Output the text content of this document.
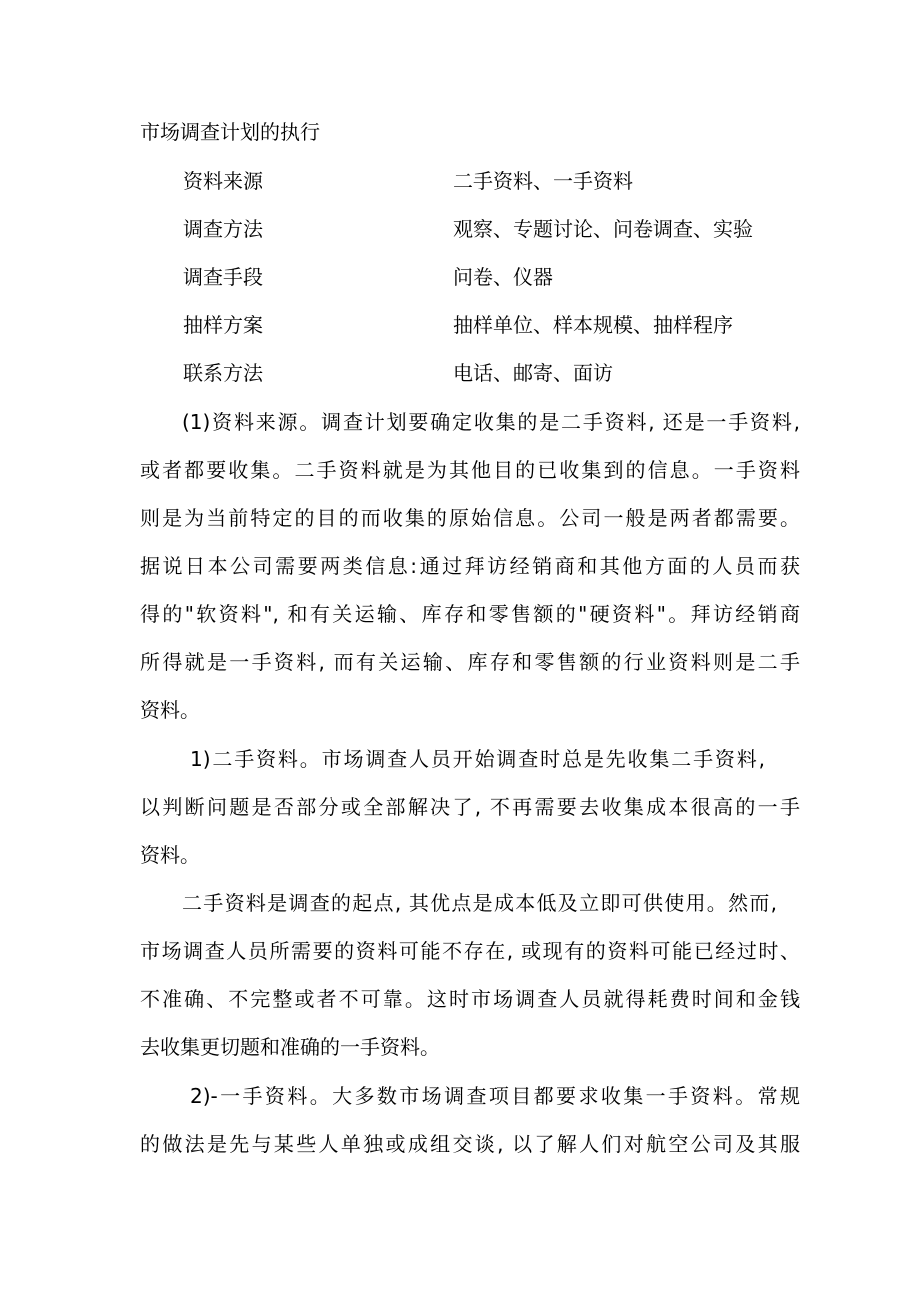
市场调查计划的执行
资料来源	二手资料、一手资料
调查方法	观察、专题讨论、问卷调查、实验
调查手段	问卷、仪器
抽样方案	抽样单位、样本规模、抽样程序
联系方法	电话、邮寄、面访
(1)资料来源。调查计划要确定收集的是二手资料, 还是一手资料,
或者都要收集。二手资料就是为其他目的已收集到的信息。一手资料
则是为当前特定的目的而收集的原始信息。公司一般是两者都需要。
据说日本公司需要两类信息:通过拜访经销商和其他方面的人员而获
得的"软资料", 和有关运输、库存和零售额的"硬资料"。拜访经销商
所得就是一手资料, 而有关运输、库存和零售额的行业资料则是二手
资料。
1)二手资料。市场调查人员开始调查时总是先收集二手资料,
以判断问题是否部分或全部解决了, 不再需要去收集成本很高的一手
资料。
二手资料是调查的起点, 其优点是成本低及立即可供使用。然而,
市场调查人员所需要的资料可能不存在, 或现有的资料可能已经过时、
不准确、不完整或者不可靠。这时市场调查人员就得耗费时间和金钱
去收集更切题和准确的一手资料。
2)-一手资料。大多数市场调查项目都要求收集一手资料。常规
的做法是先与某些人单独或成组交谈, 以了解人们对航空公司及其服
